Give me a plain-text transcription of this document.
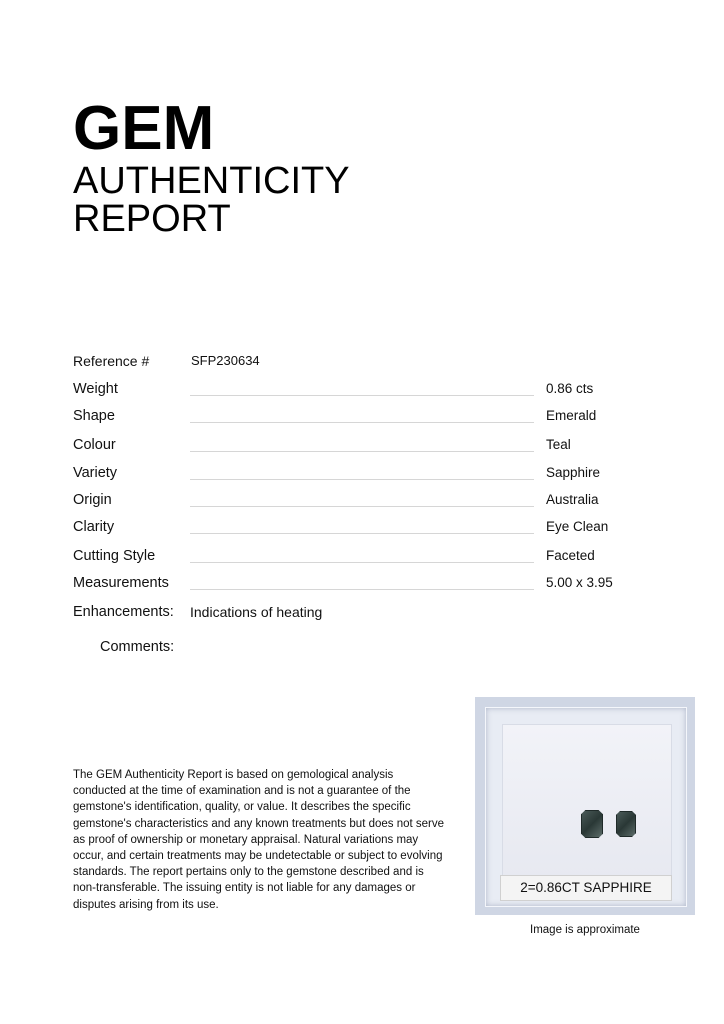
GEM
AUTHENTICITY
REPORT
Reference #	SFP230634
Weight	0.86 cts
Shape	Emerald
Colour	Teal
Variety	Sapphire
Origin	Australia
Clarity	Eye Clean
Cutting Style	Faceted
Measurements	5.00 x 3.95
Enhancements: Indications of heating
Comments:
The GEM Authenticity Report is based on gemological analysis conducted at the time of examination and is not a guarantee of the gemstone's identification, quality, or value. It describes the specific gemstone's characteristics and any known treatments but does not serve as proof of ownership or monetary appraisal. Natural variations may occur, and certain treatments may be undetectable or subject to evolving standards. The report pertains only to the gemstone described and is non-transferable. The issuing entity is not liable for any damages or disputes arising from its use.
2=0.86CT SAPPHIRE
Image is approximate
